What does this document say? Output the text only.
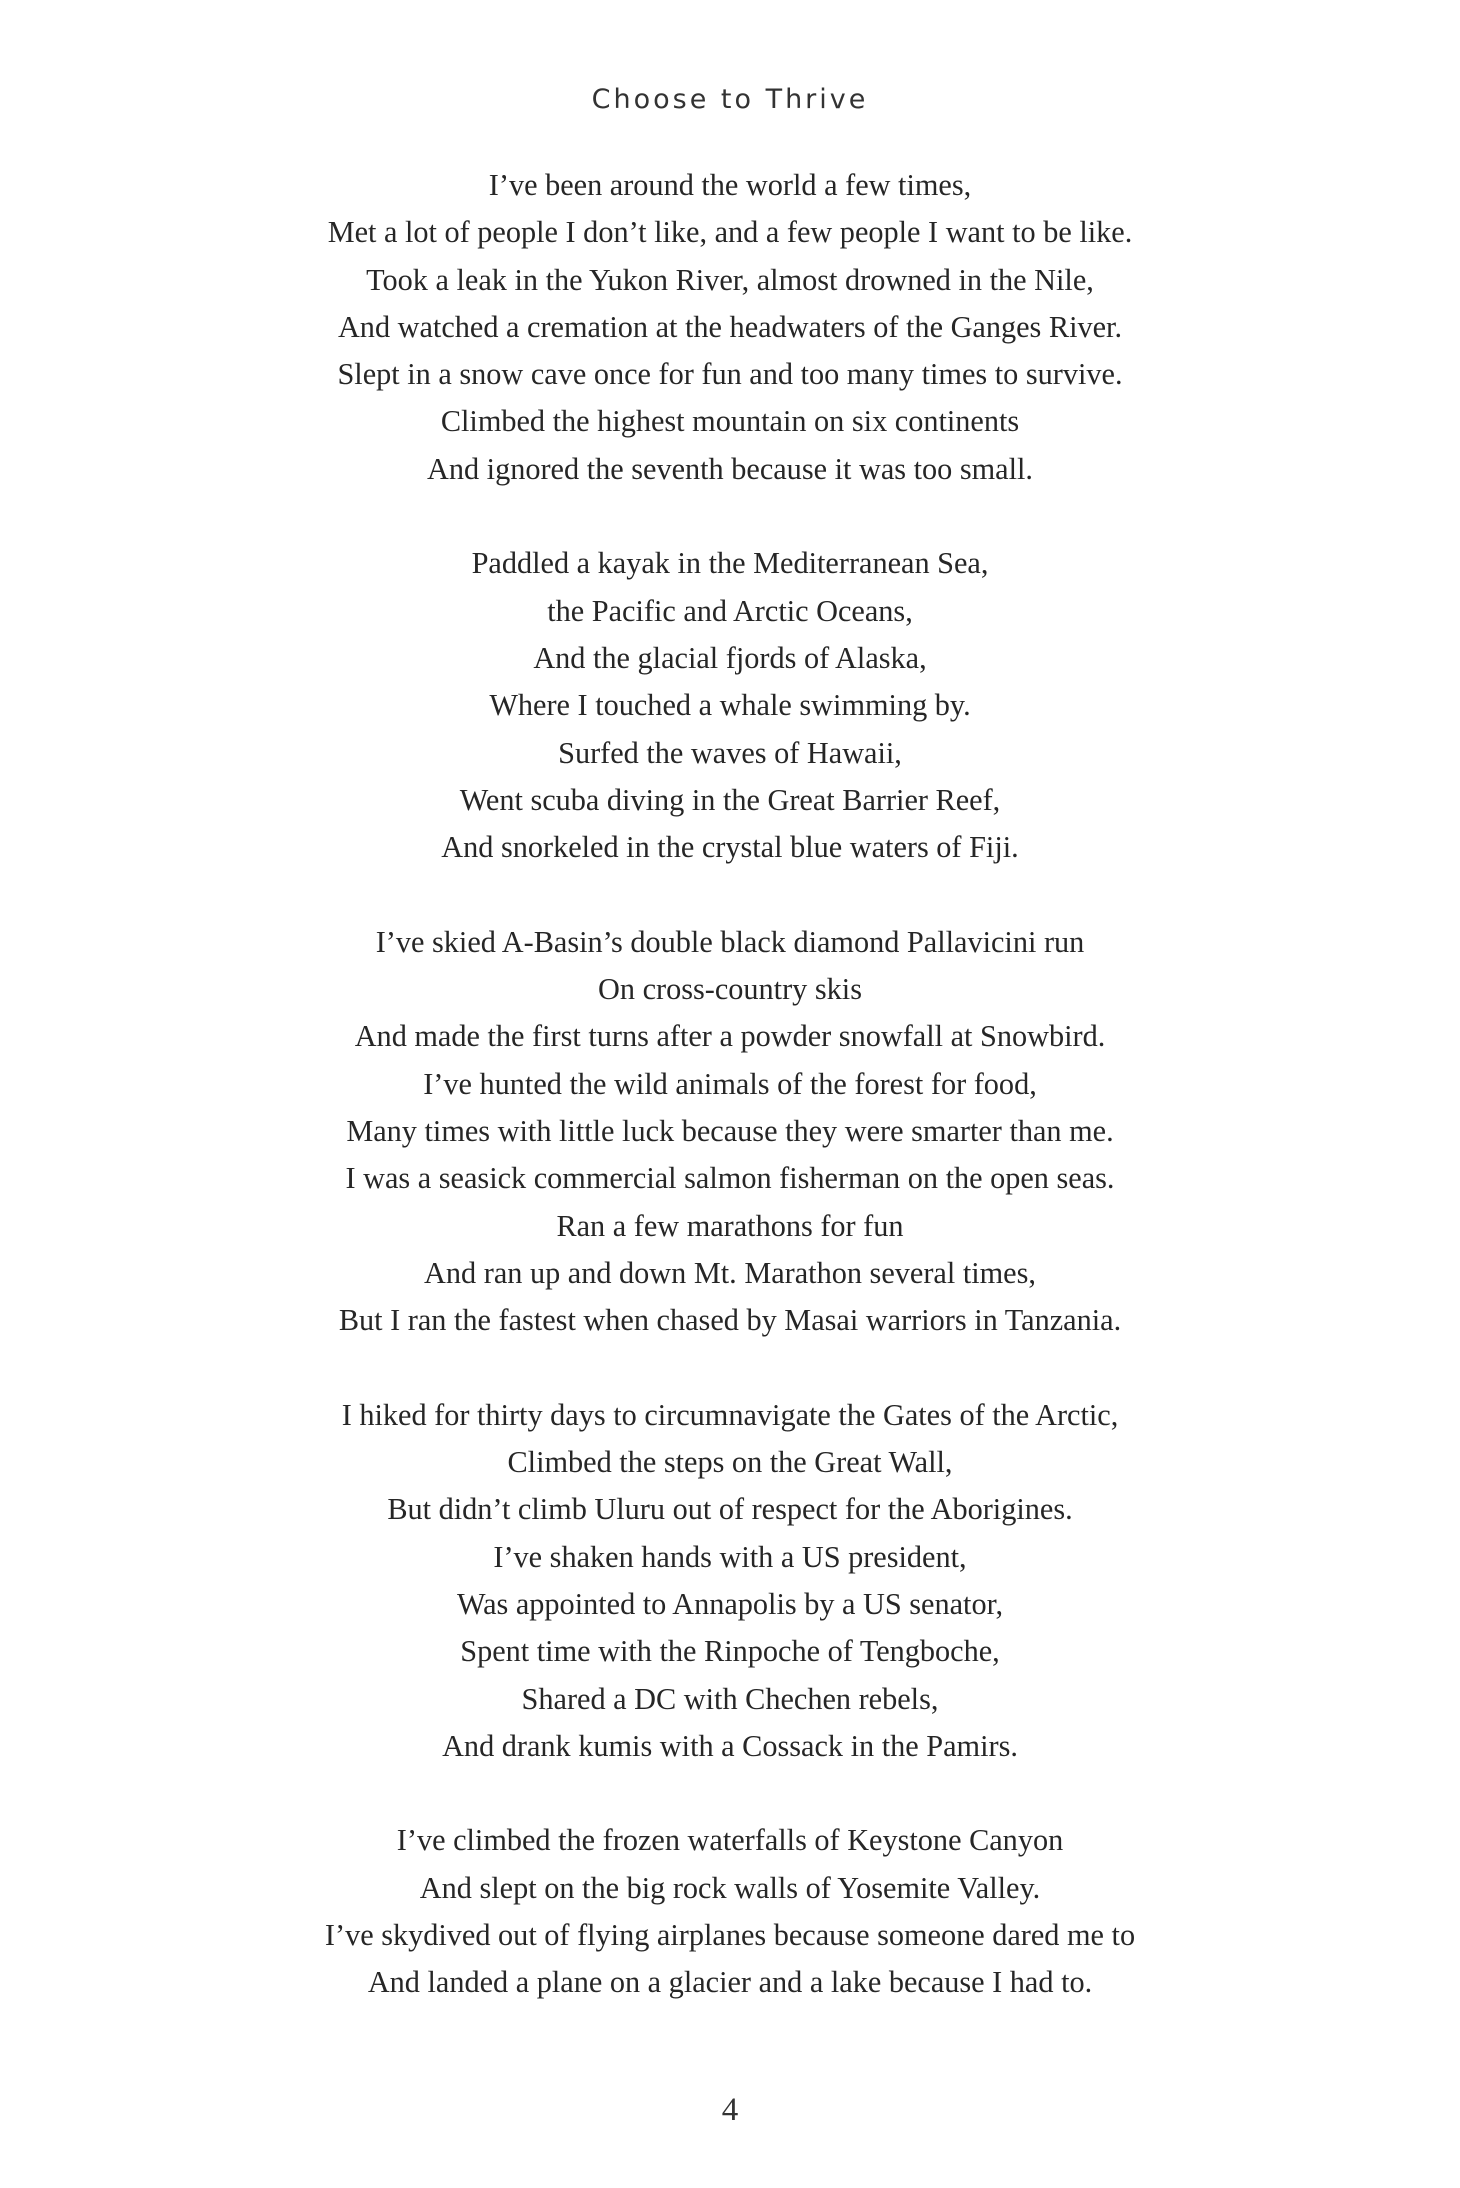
Choose to Thrive
I’ve been around the world a few times,
Met a lot of people I don’t like, and a few people I want to be like.
Took a leak in the Yukon River, almost drowned in the Nile,
And watched a cremation at the headwaters of the Ganges River.
Slept in a snow cave once for fun and too many times to survive.
Climbed the highest mountain on six continents
And ignored the seventh because it was too small.
Paddled a kayak in the Mediterranean Sea,
the Pacific and Arctic Oceans,
And the glacial fjords of Alaska,
Where I touched a whale swimming by.
Surfed the waves of Hawaii,
Went scuba diving in the Great Barrier Reef,
And snorkeled in the crystal blue waters of Fiji.
I’ve skied A-Basin’s double black diamond Pallavicini run
On cross-country skis
And made the first turns after a powder snowfall at Snowbird.
I’ve hunted the wild animals of the forest for food,
Many times with little luck because they were smarter than me.
I was a seasick commercial salmon fisherman on the open seas.
Ran a few marathons for fun
And ran up and down Mt. Marathon several times,
But I ran the fastest when chased by Masai warriors in Tanzania.
I hiked for thirty days to circumnavigate the Gates of the Arctic,
Climbed the steps on the Great Wall,
But didn’t climb Uluru out of respect for the Aborigines.
I’ve shaken hands with a US president,
Was appointed to Annapolis by a US senator,
Spent time with the Rinpoche of Tengboche,
Shared a DC with Chechen rebels,
And drank kumis with a Cossack in the Pamirs.
I’ve climbed the frozen waterfalls of Keystone Canyon
And slept on the big rock walls of Yosemite Valley.
I’ve skydived out of flying airplanes because someone dared me to
And landed a plane on a glacier and a lake because I had to.
4
